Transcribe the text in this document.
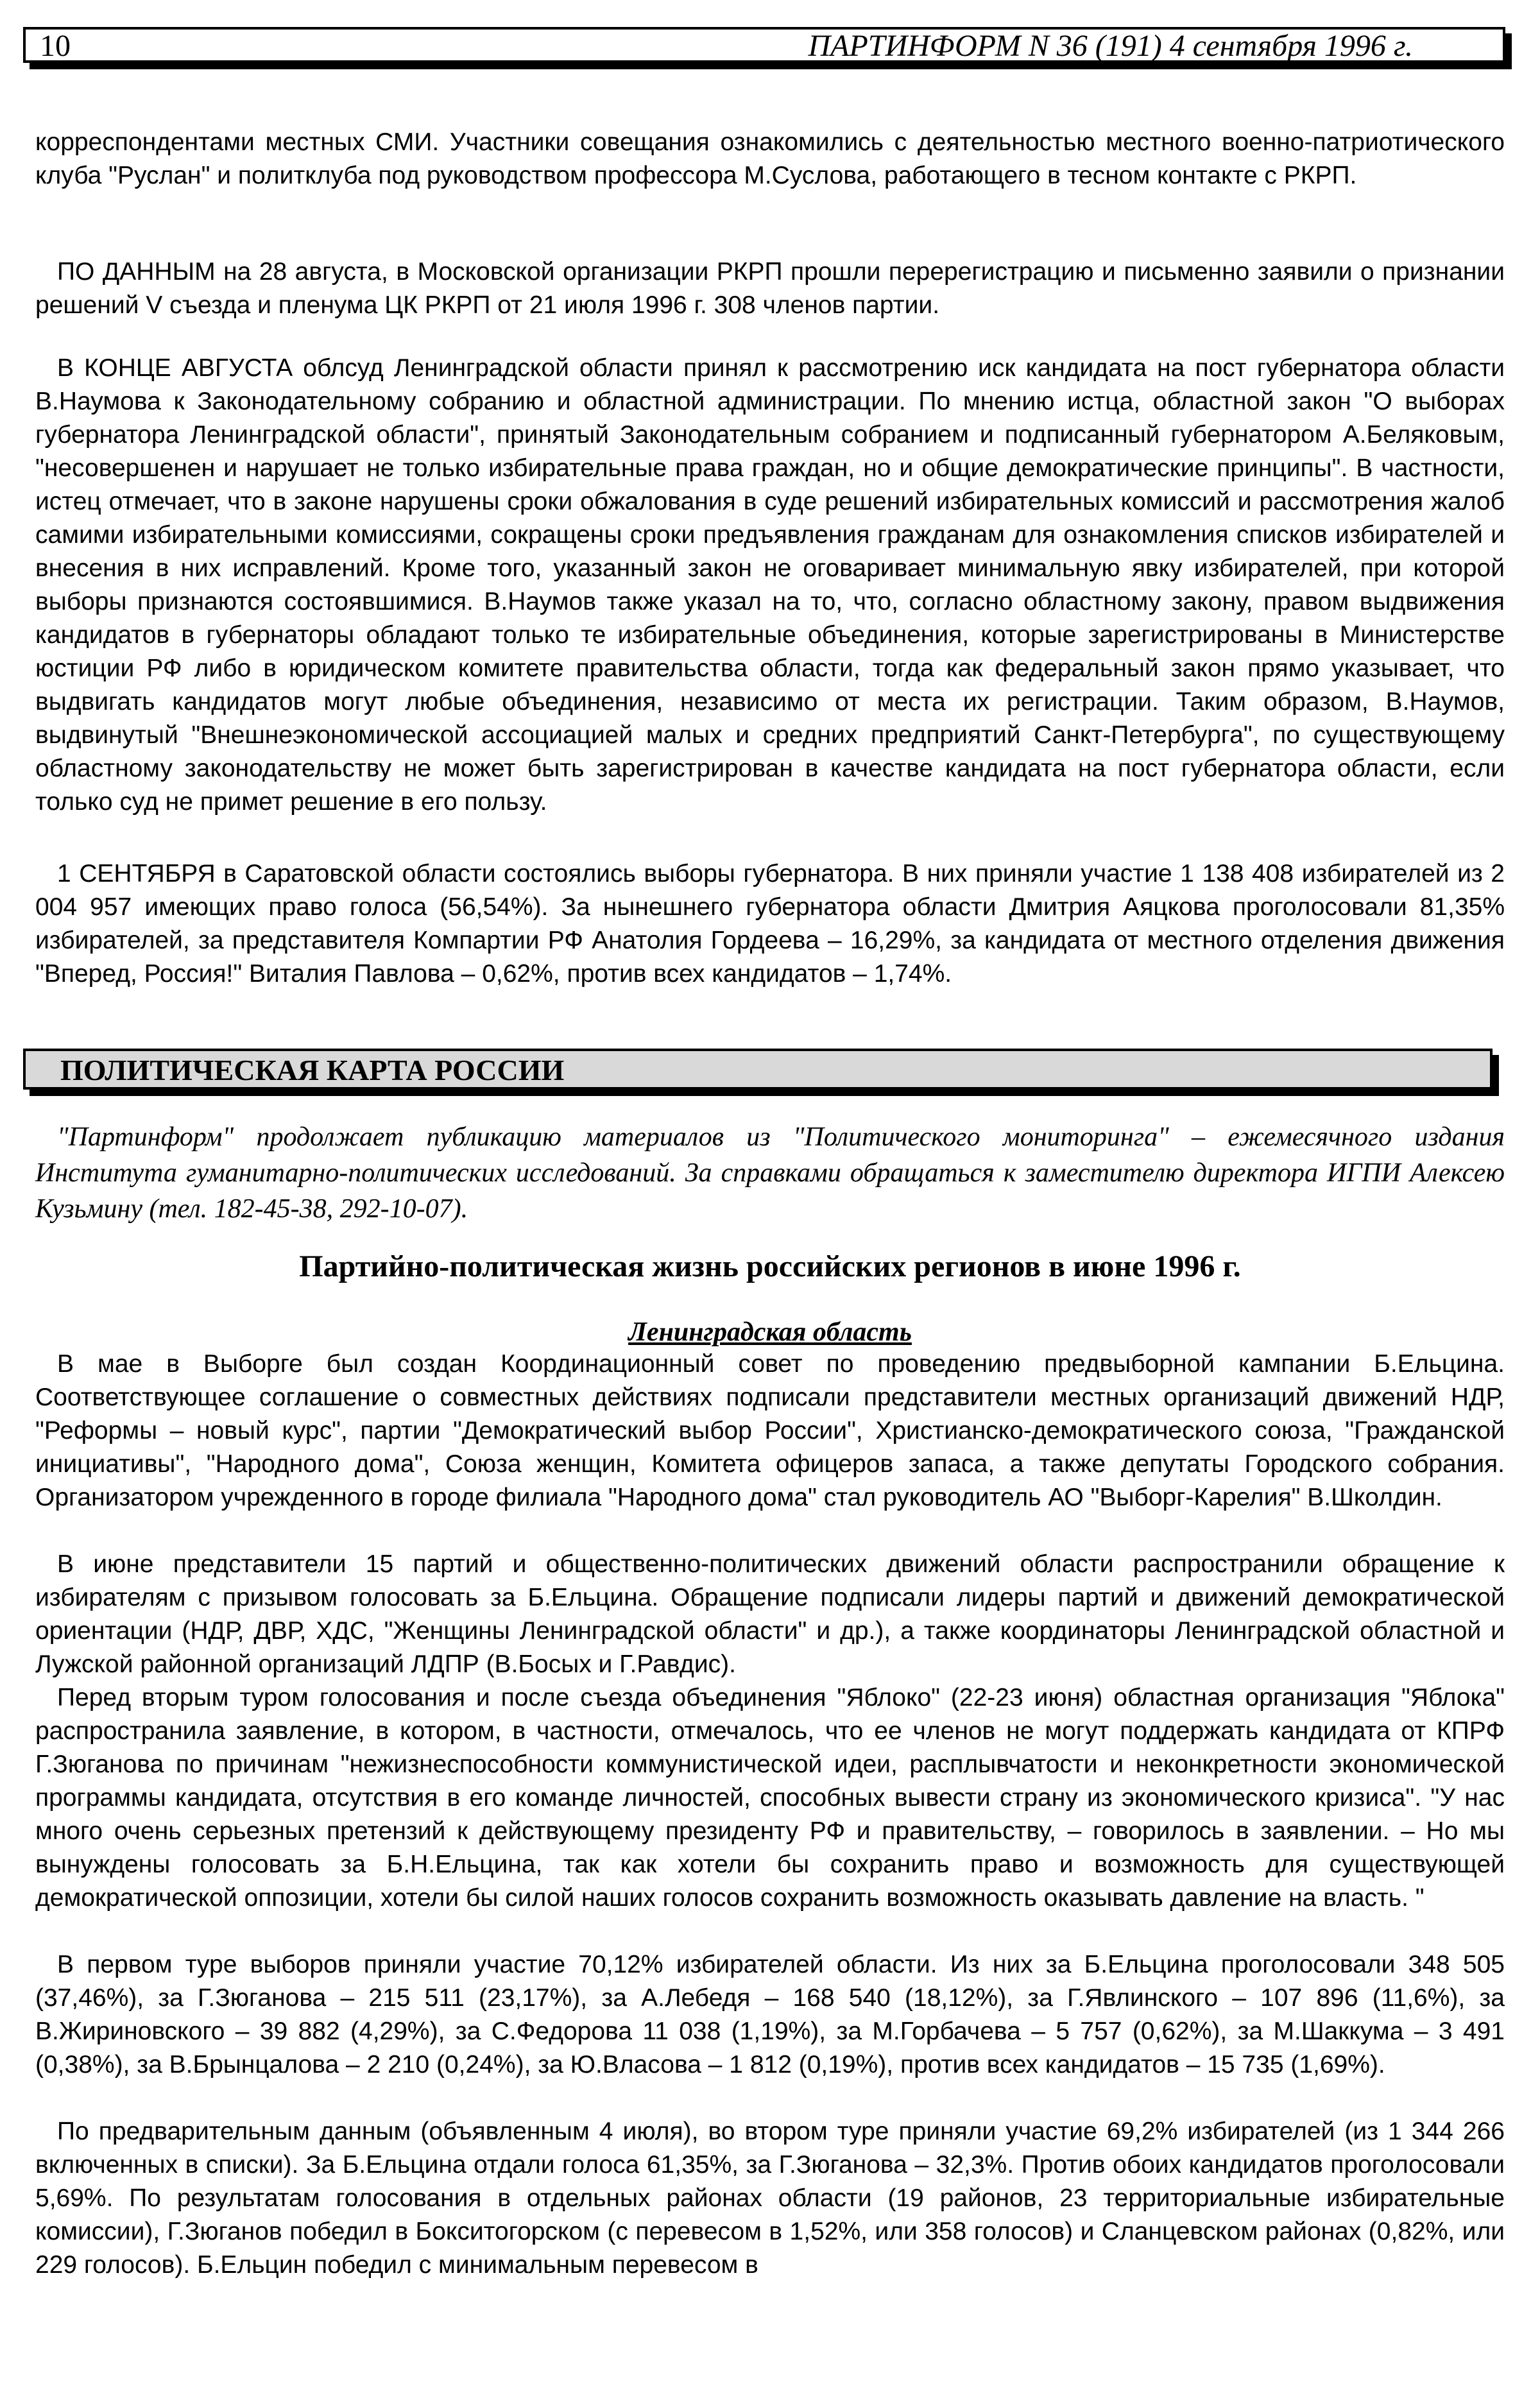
10	ПАРТИНФОРМ N 36 (191) 4 сентября 1996 г.

корреспондентами местных СМИ. Участники совещания ознакомились с деятельностью местного военно-патриотического клуба "Руслан" и политклуба под руководством профессора М.Суслова, работающего в тесном контакте с РКРП.

ПО ДАННЫМ на 28 августа, в Московской организации РКРП прошли перерегистрацию и письменно заявили о признании решений V съезда и пленума ЦК РКРП от 21 июля 1996 г. 308 членов партии.

В КОНЦЕ АВГУСТА облсуд Ленинградской области принял к рассмотрению иск кандидата на пост губернатора области В.Наумова к Законодательному собранию и областной администрации. По мнению истца, областной закон "О выборах губернатора Ленинградской области", принятый Законодательным собранием и подписанный губернатором А.Беляковым, "несовершенен и нарушает не только избирательные права граждан, но и общие демократические принципы". В частности, истец отмечает, что в законе нарушены сроки обжалования в суде решений избирательных комиссий и рассмотрения жалоб самими избирательными комиссиями, сокращены сроки предъявления гражданам для ознакомления списков избирателей и внесения в них исправлений. Кроме того, указанный закон не оговаривает минимальную явку избирателей, при которой выборы признаются состоявшимися. В.Наумов также указал на то, что, согласно областному закону, правом выдвижения кандидатов в губернаторы обладают только те избирательные объединения, которые зарегистрированы в Министерстве юстиции РФ либо в юридическом комитете правительства области, тогда как федеральный закон прямо указывает, что выдвигать кандидатов могут любые объединения, независимо от места их регистрации. Таким образом, В.Наумов, выдвинутый "Внешнеэкономической ассоциацией малых и средних предприятий Санкт-Петербурга", по существующему областному законодательству не может быть зарегистрирован в качестве кандидата на пост губернатора области, если только суд не примет решение в его пользу.

1 СЕНТЯБРЯ в Саратовской области состоялись выборы губернатора. В них приняли участие 1 138 408 избирателей из 2 004 957 имеющих право голоса (56,54%). За нынешнего губернатора области Дмитрия Аяцкова проголосовали 81,35% избирателей, за представителя Компартии РФ Анатолия Гордеева – 16,29%, за кандидата от местного отделения движения "Вперед, Россия!" Виталия Павлова – 0,62%, против всех кандидатов – 1,74%.

ПОЛИТИЧЕСКАЯ КАРТА РОССИИ

"Партинформ" продолжает публикацию материалов из "Политического мониторинга" – ежемесячного издания Института гуманитарно-политических исследований. За справками обращаться к заместителю директора ИГПИ Алексею Кузьмину (тел. 182-45-38, 292-10-07).

Партийно-политическая жизнь российских регионов в июне 1996 г.
Ленинградская область

В мае в Выборге был создан Координационный совет по проведению предвыборной кампании Б.Ельцина. Соответствующее соглашение о совместных действиях подписали представители местных организаций движений НДР, "Реформы – новый курс", партии "Демократический выбор России", Христианско-демократического союза, "Гражданской инициативы", "Народного дома", Союза женщин, Комитета офицеров запаса, а также депутаты Городского собрания. Организатором учрежденного в городе филиала "Народного дома" стал руководитель АО "Выборг-Карелия" В.Школдин.

В июне представители 15 партий и общественно-политических движений области распространили обращение к избирателям с призывом голосовать за Б.Ельцина. Обращение подписали лидеры партий и движений демократической ориентации (НДР, ДВР, ХДС, "Женщины Ленинградской области" и др.), а также координаторы Ленинградской областной и Лужской районной организаций ЛДПР (В.Босых и Г.Равдис).

Перед вторым туром голосования и после съезда объединения "Яблоко" (22-23 июня) областная организация "Яблока" распространила заявление, в котором, в частности, отмечалось, что ее членов не могут поддержать кандидата от КПРФ Г.Зюганова по причинам "нежизнеспособности коммунистической идеи, расплывчатости и неконкретности экономической программы кандидата, отсутствия в его команде личностей, способных вывести страну из экономического кризиса". "У нас много очень серьезных претензий к действующему президенту РФ и правительству, – говорилось в заявлении. – Но мы вынуждены голосовать за Б.Н.Ельцина, так как хотели бы сохранить право и возможность для существующей демократической оппозиции, хотели бы силой наших голосов сохранить возможность оказывать давление на власть. "

В первом туре выборов приняли участие 70,12% избирателей области. Из них за Б.Ельцина проголосовали 348 505 (37,46%), за Г.Зюганова – 215 511 (23,17%), за А.Лебедя – 168 540 (18,12%), за Г.Явлинского – 107 896 (11,6%), за В.Жириновского – 39 882 (4,29%), за С.Федорова 11 038 (1,19%), за М.Горбачева – 5 757 (0,62%), за М.Шаккума – 3 491 (0,38%), за В.Брынцалова – 2 210 (0,24%), за Ю.Власова – 1 812 (0,19%), против всех кандидатов – 15 735 (1,69%).

По предварительным данным (объявленным 4 июля), во втором туре приняли участие 69,2% избирателей (из 1 344 266 включенных в списки). За Б.Ельцина отдали голоса 61,35%, за Г.Зюганова – 32,3%. Против обоих кандидатов проголосовали 5,69%. По результатам голосования в отдельных районах области (19 районов, 23 территориальные избирательные комиссии), Г.Зюганов победил в Бокситогорском (с перевесом в 1,52%, или 358 голосов) и Сланцевском районах (0,82%, или 229 голосов). Б.Ельцин победил с минимальным перевесом в
